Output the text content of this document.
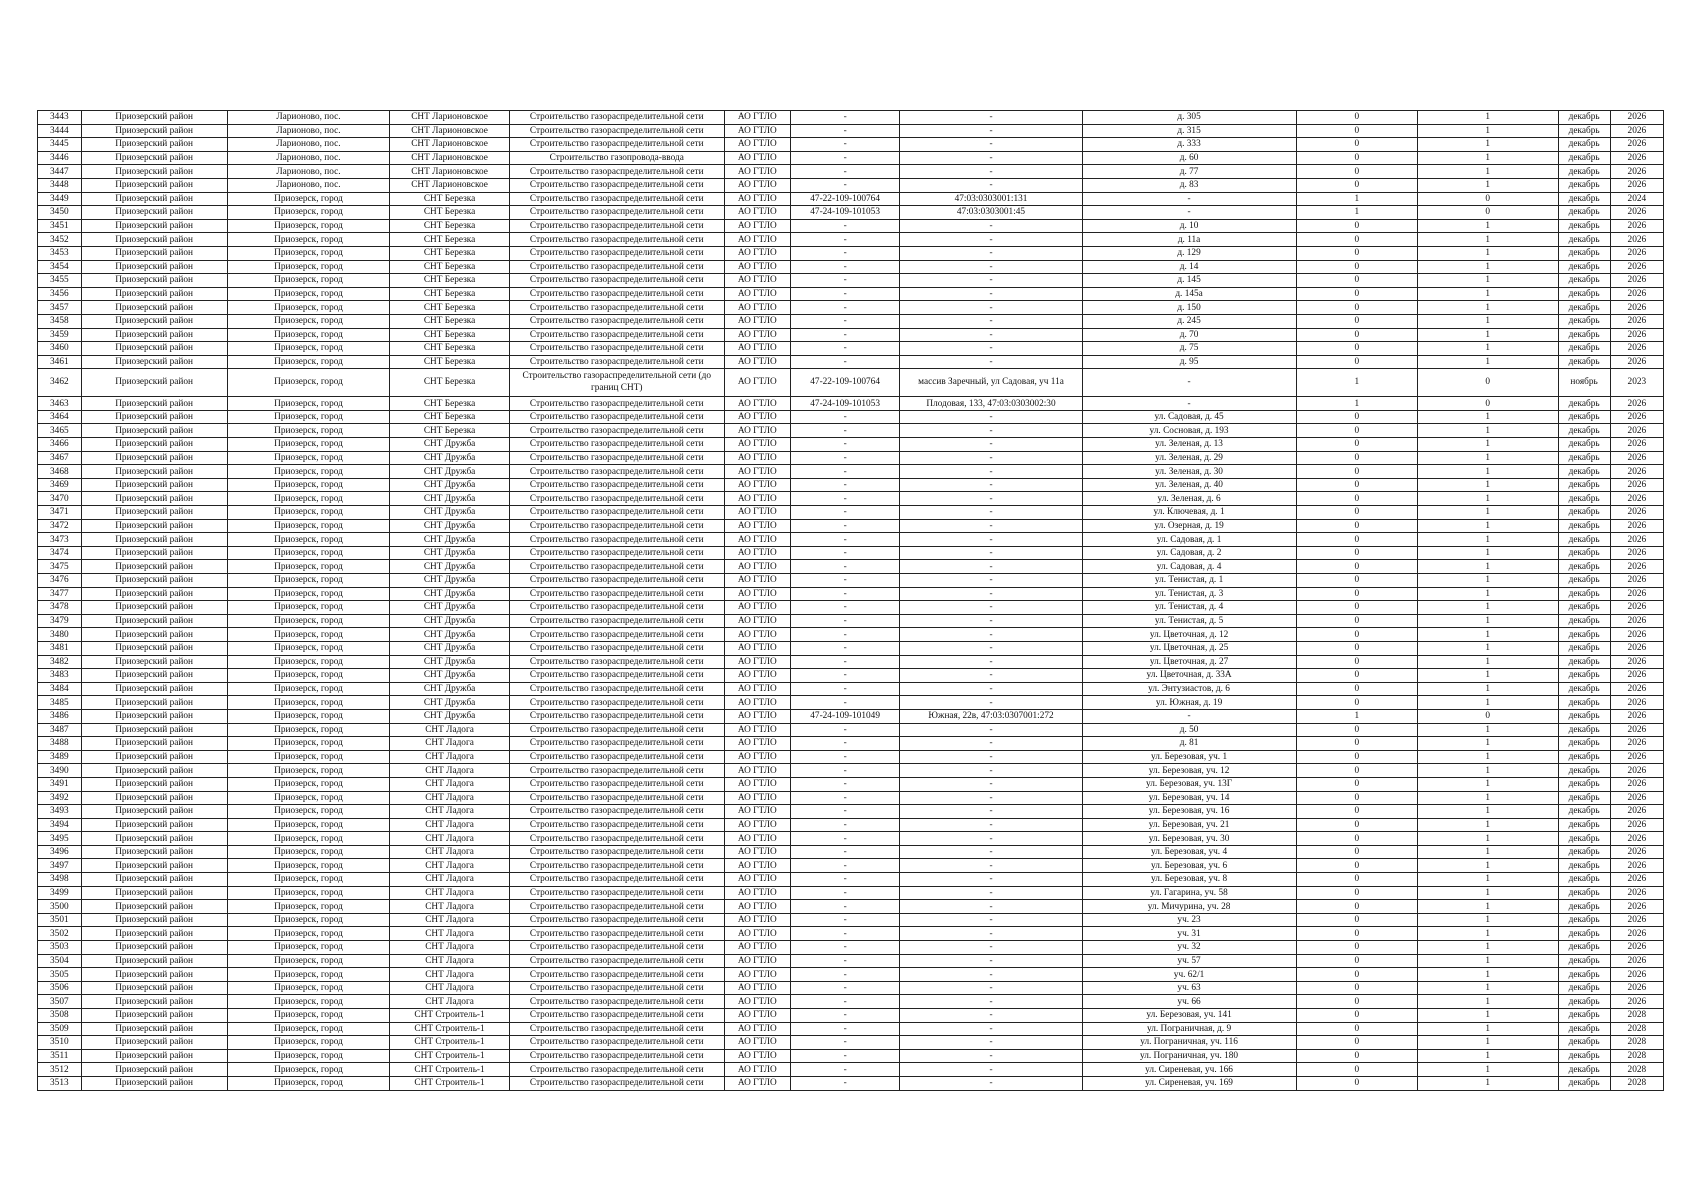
3443	Приозерский район	Ларионово, пос.	СНТ Ларионовское	Строительство газораспределительной сети	АО ГТЛО	-	-	д. 305	0	1	декабрь	2026
3444	Приозерский район	Ларионово, пос.	СНТ Ларионовское	Строительство газораспределительной сети	АО ГТЛО	-	-	д. 315	0	1	декабрь	2026
3445	Приозерский район	Ларионово, пос.	СНТ Ларионовское	Строительство газораспределительной сети	АО ГТЛО	-	-	д. 333	0	1	декабрь	2026
3446	Приозерский район	Ларионово, пос.	СНТ Ларионовское	Строительство газопровода-ввода	АО ГТЛО	-	-	д. 60	0	1	декабрь	2026
3447	Приозерский район	Ларионово, пос.	СНТ Ларионовское	Строительство газораспределительной сети	АО ГТЛО	-	-	д. 77	0	1	декабрь	2026
3448	Приозерский район	Ларионово, пос.	СНТ Ларионовское	Строительство газораспределительной сети	АО ГТЛО	-	-	д. 83	0	1	декабрь	2026
3449	Приозерский район	Приозерск, город	СНТ Березка	Строительство газораспределительной сети	АО ГТЛО	47-22-109-100764	47:03:0303001:131	-	1	0	декабрь	2024
3450	Приозерский район	Приозерск, город	СНТ Березка	Строительство газораспределительной сети	АО ГТЛО	47-24-109-101053	47:03:0303001:45	-	1	0	декабрь	2026
3451	Приозерский район	Приозерск, город	СНТ Березка	Строительство газораспределительной сети	АО ГТЛО	-	-	д. 10	0	1	декабрь	2026
3452	Приозерский район	Приозерск, город	СНТ Березка	Строительство газораспределительной сети	АО ГТЛО	-	-	д. 11а	0	1	декабрь	2026
3453	Приозерский район	Приозерск, город	СНТ Березка	Строительство газораспределительной сети	АО ГТЛО	-	-	д. 129	0	1	декабрь	2026
3454	Приозерский район	Приозерск, город	СНТ Березка	Строительство газораспределительной сети	АО ГТЛО	-	-	д. 14	0	1	декабрь	2026
3455	Приозерский район	Приозерск, город	СНТ Березка	Строительство газораспределительной сети	АО ГТЛО	-	-	д. 145	0	1	декабрь	2026
3456	Приозерский район	Приозерск, город	СНТ Березка	Строительство газораспределительной сети	АО ГТЛО	-	-	д. 145а	0	1	декабрь	2026
3457	Приозерский район	Приозерск, город	СНТ Березка	Строительство газораспределительной сети	АО ГТЛО	-	-	д. 150	0	1	декабрь	2026
3458	Приозерский район	Приозерск, город	СНТ Березка	Строительство газораспределительной сети	АО ГТЛО	-	-	д. 245	0	1	декабрь	2026
3459	Приозерский район	Приозерск, город	СНТ Березка	Строительство газораспределительной сети	АО ГТЛО	-	-	д. 70	0	1	декабрь	2026
3460	Приозерский район	Приозерск, город	СНТ Березка	Строительство газораспределительной сети	АО ГТЛО	-	-	д. 75	0	1	декабрь	2026
3461	Приозерский район	Приозерск, город	СНТ Березка	Строительство газораспределительной сети	АО ГТЛО	-	-	д. 95	0	1	декабрь	2026
3462	Приозерский район	Приозерск, город	СНТ Березка	Строительство газораспределительной сети (до границ СНТ)	АО ГТЛО	47-22-109-100764	массив Заречный, ул Садовая, уч 11а	-	1	0	ноябрь	2023
3463	Приозерский район	Приозерск, город	СНТ Березка	Строительство газораспределительной сети	АО ГТЛО	47-24-109-101053	Плодовая, 133, 47:03:0303002:30	-	1	0	декабрь	2026
3464	Приозерский район	Приозерск, город	СНТ Березка	Строительство газораспределительной сети	АО ГТЛО	-	-	ул. Садовая, д. 45	0	1	декабрь	2026
3465	Приозерский район	Приозерск, город	СНТ Березка	Строительство газораспределительной сети	АО ГТЛО	-	-	ул. Сосновая, д. 193	0	1	декабрь	2026
3466	Приозерский район	Приозерск, город	СНТ Дружба	Строительство газораспределительной сети	АО ГТЛО	-	-	ул. Зеленая, д. 13	0	1	декабрь	2026
3467	Приозерский район	Приозерск, город	СНТ Дружба	Строительство газораспределительной сети	АО ГТЛО	-	-	ул. Зеленая, д. 29	0	1	декабрь	2026
3468	Приозерский район	Приозерск, город	СНТ Дружба	Строительство газораспределительной сети	АО ГТЛО	-	-	ул. Зеленая, д. 30	0	1	декабрь	2026
3469	Приозерский район	Приозерск, город	СНТ Дружба	Строительство газораспределительной сети	АО ГТЛО	-	-	ул. Зеленая, д. 40	0	1	декабрь	2026
3470	Приозерский район	Приозерск, город	СНТ Дружба	Строительство газораспределительной сети	АО ГТЛО	-	-	ул. Зеленая, д. 6	0	1	декабрь	2026
3471	Приозерский район	Приозерск, город	СНТ Дружба	Строительство газораспределительной сети	АО ГТЛО	-	-	ул. Ключевая, д. 1	0	1	декабрь	2026
3472	Приозерский район	Приозерск, город	СНТ Дружба	Строительство газораспределительной сети	АО ГТЛО	-	-	ул. Озерная, д. 19	0	1	декабрь	2026
3473	Приозерский район	Приозерск, город	СНТ Дружба	Строительство газораспределительной сети	АО ГТЛО	-	-	ул. Садовая, д. 1	0	1	декабрь	2026
3474	Приозерский район	Приозерск, город	СНТ Дружба	Строительство газораспределительной сети	АО ГТЛО	-	-	ул. Садовая, д. 2	0	1	декабрь	2026
3475	Приозерский район	Приозерск, город	СНТ Дружба	Строительство газораспределительной сети	АО ГТЛО	-	-	ул. Садовая, д. 4	0	1	декабрь	2026
3476	Приозерский район	Приозерск, город	СНТ Дружба	Строительство газораспределительной сети	АО ГТЛО	-	-	ул. Тенистая, д. 1	0	1	декабрь	2026
3477	Приозерский район	Приозерск, город	СНТ Дружба	Строительство газораспределительной сети	АО ГТЛО	-	-	ул. Тенистая, д. 3	0	1	декабрь	2026
3478	Приозерский район	Приозерск, город	СНТ Дружба	Строительство газораспределительной сети	АО ГТЛО	-	-	ул. Тенистая, д. 4	0	1	декабрь	2026
3479	Приозерский район	Приозерск, город	СНТ Дружба	Строительство газораспределительной сети	АО ГТЛО	-	-	ул. Тенистая, д. 5	0	1	декабрь	2026
3480	Приозерский район	Приозерск, город	СНТ Дружба	Строительство газораспределительной сети	АО ГТЛО	-	-	ул. Цветочная, д. 12	0	1	декабрь	2026
3481	Приозерский район	Приозерск, город	СНТ Дружба	Строительство газораспределительной сети	АО ГТЛО	-	-	ул. Цветочная, д. 25	0	1	декабрь	2026
3482	Приозерский район	Приозерск, город	СНТ Дружба	Строительство газораспределительной сети	АО ГТЛО	-	-	ул. Цветочная, д. 27	0	1	декабрь	2026
3483	Приозерский район	Приозерск, город	СНТ Дружба	Строительство газораспределительной сети	АО ГТЛО	-	-	ул. Цветочная, д. 33А	0	1	декабрь	2026
3484	Приозерский район	Приозерск, город	СНТ Дружба	Строительство газораспределительной сети	АО ГТЛО	-	-	ул. Энтузиастов, д. 6	0	1	декабрь	2026
3485	Приозерский район	Приозерск, город	СНТ Дружба	Строительство газораспределительной сети	АО ГТЛО	-	-	ул. Южная, д. 19	0	1	декабрь	2026
3486	Приозерский район	Приозерск, город	СНТ Дружба	Строительство газораспределительной сети	АО ГТЛО	47-24-109-101049	Южная, 22в, 47:03:0307001:272	-	1	0	декабрь	2026
3487	Приозерский район	Приозерск, город	СНТ Ладога	Строительство газораспределительной сети	АО ГТЛО	-	-	д. 50	0	1	декабрь	2026
3488	Приозерский район	Приозерск, город	СНТ Ладога	Строительство газораспределительной сети	АО ГТЛО	-	-	д. 81	0	1	декабрь	2026
3489	Приозерский район	Приозерск, город	СНТ Ладога	Строительство газораспределительной сети	АО ГТЛО	-	-	ул. Березовая, уч. 1	0	1	декабрь	2026
3490	Приозерский район	Приозерск, город	СНТ Ладога	Строительство газораспределительной сети	АО ГТЛО	-	-	ул. Березовая, уч. 12	0	1	декабрь	2026
3491	Приозерский район	Приозерск, город	СНТ Ладога	Строительство газораспределительной сети	АО ГТЛО	-	-	ул. Березовая, уч. 13Г	0	1	декабрь	2026
3492	Приозерский район	Приозерск, город	СНТ Ладога	Строительство газораспределительной сети	АО ГТЛО	-	-	ул. Березовая, уч. 14	0	1	декабрь	2026
3493	Приозерский район	Приозерск, город	СНТ Ладога	Строительство газораспределительной сети	АО ГТЛО	-	-	ул. Березовая, уч. 16	0	1	декабрь	2026
3494	Приозерский район	Приозерск, город	СНТ Ладога	Строительство газораспределительной сети	АО ГТЛО	-	-	ул. Березовая, уч. 21	0	1	декабрь	2026
3495	Приозерский район	Приозерск, город	СНТ Ладога	Строительство газораспределительной сети	АО ГТЛО	-	-	ул. Березовая, уч. 30	0	1	декабрь	2026
3496	Приозерский район	Приозерск, город	СНТ Ладога	Строительство газораспределительной сети	АО ГТЛО	-	-	ул. Березовая, уч. 4	0	1	декабрь	2026
3497	Приозерский район	Приозерск, город	СНТ Ладога	Строительство газораспределительной сети	АО ГТЛО	-	-	ул. Березовая, уч. 6	0	1	декабрь	2026
3498	Приозерский район	Приозерск, город	СНТ Ладога	Строительство газораспределительной сети	АО ГТЛО	-	-	ул. Березовая, уч. 8	0	1	декабрь	2026
3499	Приозерский район	Приозерск, город	СНТ Ладога	Строительство газораспределительной сети	АО ГТЛО	-	-	ул. Гагарина, уч. 58	0	1	декабрь	2026
3500	Приозерский район	Приозерск, город	СНТ Ладога	Строительство газораспределительной сети	АО ГТЛО	-	-	ул. Мичурина, уч. 28	0	1	декабрь	2026
3501	Приозерский район	Приозерск, город	СНТ Ладога	Строительство газораспределительной сети	АО ГТЛО	-	-	уч. 23	0	1	декабрь	2026
3502	Приозерский район	Приозерск, город	СНТ Ладога	Строительство газораспределительной сети	АО ГТЛО	-	-	уч. 31	0	1	декабрь	2026
3503	Приозерский район	Приозерск, город	СНТ Ладога	Строительство газораспределительной сети	АО ГТЛО	-	-	уч. 32	0	1	декабрь	2026
3504	Приозерский район	Приозерск, город	СНТ Ладога	Строительство газораспределительной сети	АО ГТЛО	-	-	уч. 57	0	1	декабрь	2026
3505	Приозерский район	Приозерск, город	СНТ Ладога	Строительство газораспределительной сети	АО ГТЛО	-	-	уч. 62/1	0	1	декабрь	2026
3506	Приозерский район	Приозерск, город	СНТ Ладога	Строительство газораспределительной сети	АО ГТЛО	-	-	уч. 63	0	1	декабрь	2026
3507	Приозерский район	Приозерск, город	СНТ Ладога	Строительство газораспределительной сети	АО ГТЛО	-	-	уч. 66	0	1	декабрь	2026
3508	Приозерский район	Приозерск, город	СНТ Строитель-1	Строительство газораспределительной сети	АО ГТЛО	-	-	ул. Березовая, уч. 141	0	1	декабрь	2028
3509	Приозерский район	Приозерск, город	СНТ Строитель-1	Строительство газораспределительной сети	АО ГТЛО	-	-	ул. Пограничная, д. 9	0	1	декабрь	2028
3510	Приозерский район	Приозерск, город	СНТ Строитель-1	Строительство газораспределительной сети	АО ГТЛО	-	-	ул. Пограничная, уч. 116	0	1	декабрь	2028
3511	Приозерский район	Приозерск, город	СНТ Строитель-1	Строительство газораспределительной сети	АО ГТЛО	-	-	ул. Пограничная, уч. 180	0	1	декабрь	2028
3512	Приозерский район	Приозерск, город	СНТ Строитель-1	Строительство газораспределительной сети	АО ГТЛО	-	-	ул. Сиреневая, уч. 166	0	1	декабрь	2028
3513	Приозерский район	Приозерск, город	СНТ Строитель-1	Строительство газораспределительной сети	АО ГТЛО	-	-	ул. Сиреневая, уч. 169	0	1	декабрь	2028
